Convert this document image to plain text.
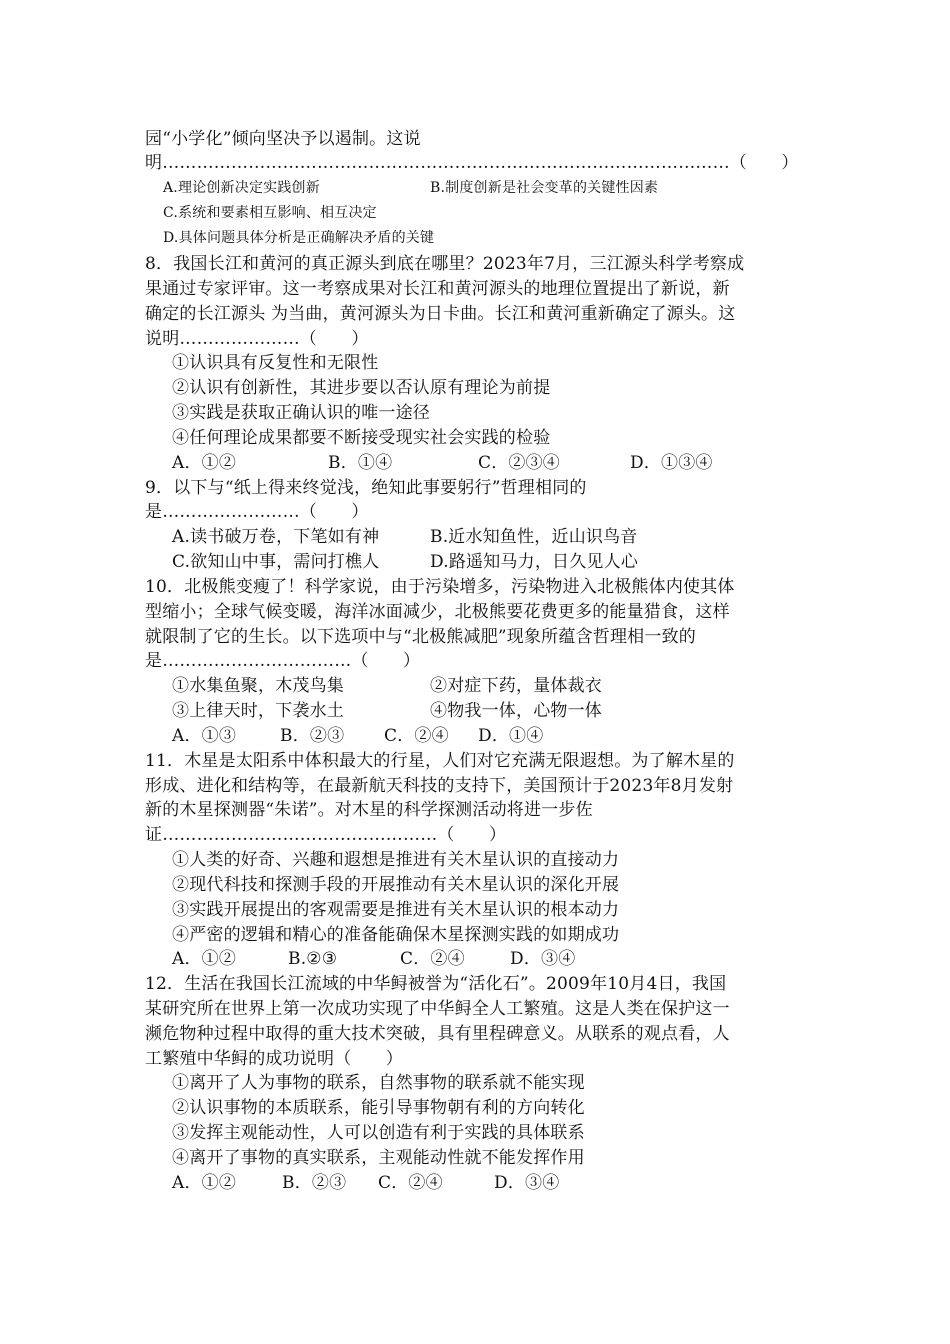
园“小学化”倾向坚决予以遏制。这说
明………………………………………………………………………………………（　　）
A.理论创新决定实践创新	B.制度创新是社会变革的关键性因素
C.系统和要素相互影响、相互决定
D.具体问题具体分析是正确解决矛盾的关键
8．我国长江和黄河的真正源头到底在哪里？2023年7月，三江源头科学考察成
果通过专家评审。这一考察成果对长江和黄河源头的地理位置提出了新说，新
确定的长江源头 为当曲，黄河源头为日卡曲。长江和黄河重新确定了源头。这
说明…………………（　　）
①认识具有反复性和无限性
②认识有创新性，其进步要以否认原有理论为前提
③实践是获取正确认识的唯一途径
④任何理论成果都要不断接受现实社会实践的检验
A．①②	B．①④	C．②③④	D．①③④
9．以下与“纸上得来终觉浅，绝知此事要躬行”哲理相同的
是……………………（　　）
A.读书破万卷，下笔如有神	B.近水知鱼性，近山识鸟音
C.欲知山中事，需问打樵人	D.路遥知马力，日久见人心
10．北极熊变瘦了！科学家说，由于污染增多，污染物进入北极熊体内使其体
型缩小；全球气候变暖，海洋冰面减少，北极熊要花费更多的能量猎食，这样
就限制了它的生长。以下选项中与“北极熊减肥”现象所蕴含哲理相一致的
是……………………………（　　）
①水集鱼聚，木茂鸟集	②对症下药，量体裁衣
③上律天时，下袭水土	④物我一体，心物一体
A．①③	B．②③ C．②④ D．①④
11．木星是太阳系中体积最大的行星，人们对它充满无限遐想。为了解木星的
形成、进化和结构等，在最新航天科技的支持下，美国预计于2023年8月发射
新的木星探测器“朱诺”。对木星的科学探测活动将进一步佐
证…………………………………………（　　）
①人类的好奇、兴趣和遐想是推进有关木星认识的直接动力
②现代科技和探测手段的开展推动有关木星认识的深化开展
③实践开展提出的客观需要是推进有关木星认识的根本动力
④严密的逻辑和精心的准备能确保木星探测实践的如期成功
A．①②	B.②③	C．②④	D．③④
12．生活在我国长江流域的中华鲟被誉为“活化石”。2009年10月4日，我国
某研究所在世界上第一次成功实现了中华鲟全人工繁殖。这是人类在保护这一
濒危物种过程中取得的重大技术突破，具有里程碑意义。从联系的观点看，人
工繁殖中华鲟的成功说明（　　）
①离开了人为事物的联系，自然事物的联系就不能实现
②认识事物的本质联系，能引导事物朝有利的方向转化
③发挥主观能动性，人可以创造有利于实践的具体联系
④离开了事物的真实联系，主观能动性就不能发挥作用
A．①②	B．②③ C．②④	D．③④
